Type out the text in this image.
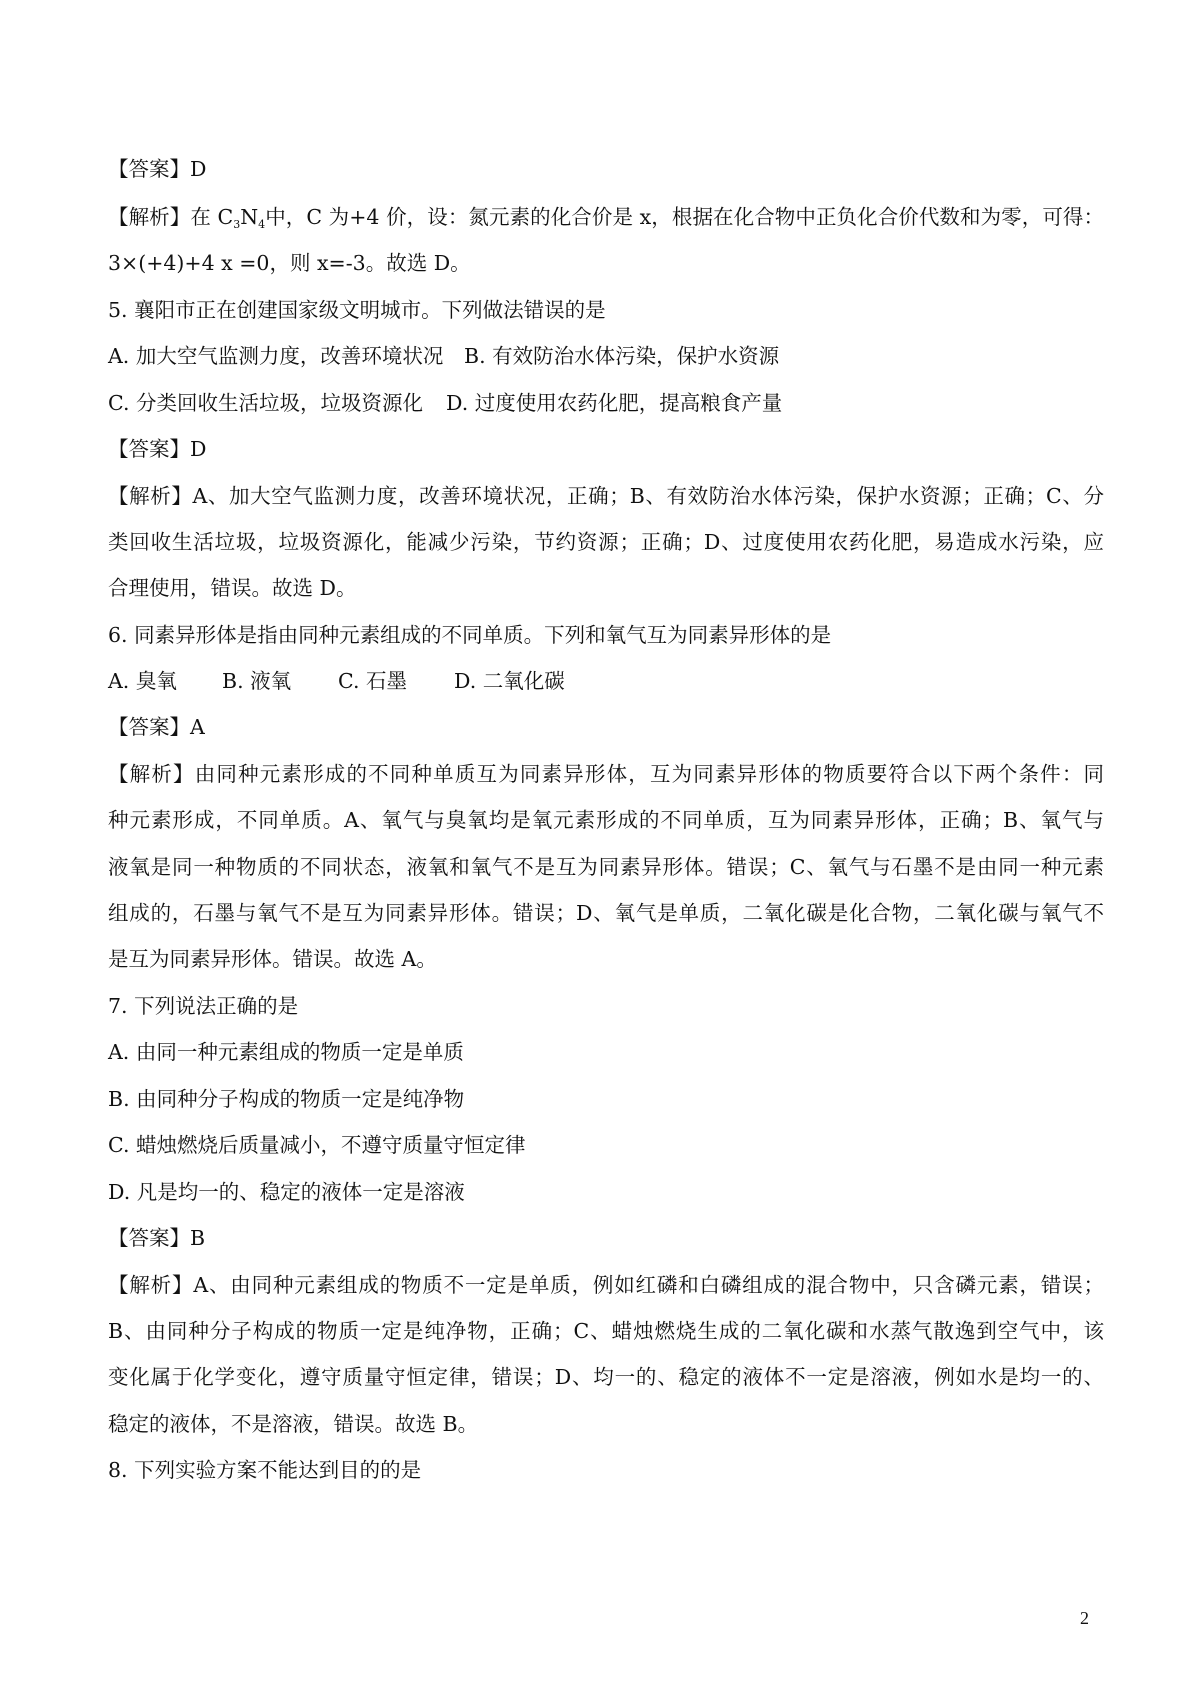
【答案】D
【解析】在 $C_3N_4$中，C 为+4 价，设：氮元素的化合价是 x，根据在化合物中正负化合价代数和为零，可得：
3×(+4)+4 x =0，则 x=-3。故选 D。
5. 襄阳市正在创建国家级文明城市。下列做法错误的是
A. 加大空气监测力度，改善环境状况 B. 有效防治水体污染，保护水资源
C. 分类回收生活垃圾，垃圾资源化 D. 过度使用农药化肥，提高粮食产量
【答案】D
【解析】A、加大空气监测力度，改善环境状况，正确；B、有效防治水体污染，保护水资源；正确；C、分
类回收生活垃圾，垃圾资源化，能减少污染，节约资源；正确；D、过度使用农药化肥，易造成水污染，应
合理使用，错误。故选 D。
6. 同素异形体是指由同种元素组成的不同单质。下列和氧气互为同素异形体的是
A. 臭氧 B. 液氧 C. 石墨 D. 二氧化碳
【答案】A
【解析】由同种元素形成的不同种单质互为同素异形体，互为同素异形体的物质要符合以下两个条件：同
种元素形成，不同单质。A、氧气与臭氧均是氧元素形成的不同单质，互为同素异形体，正确；B、氧气与
液氧是同一种物质的不同状态，液氧和氧气不是互为同素异形体。错误；C、氧气与石墨不是由同一种元素
组成的，石墨与氧气不是互为同素异形体。错误；D、氧气是单质，二氧化碳是化合物，二氧化碳与氧气不
是互为同素异形体。错误。故选 A。
7. 下列说法正确的是
A. 由同一种元素组成的物质一定是单质
B. 由同种分子构成的物质一定是纯净物
C. 蜡烛燃烧后质量减小，不遵守质量守恒定律
D. 凡是均一的、稳定的液体一定是溶液
【答案】B
【解析】A、由同种元素组成的物质不一定是单质，例如红磷和白磷组成的混合物中，只含磷元素，错误；
B、由同种分子构成的物质一定是纯净物，正确；C、蜡烛燃烧生成的二氧化碳和水蒸气散逸到空气中，该
变化属于化学变化，遵守质量守恒定律，错误；D、均一的、稳定的液体不一定是溶液，例如水是均一的、
稳定的液体，不是溶液，错误。故选 B。
8. 下列实验方案不能达到目的的是
2
